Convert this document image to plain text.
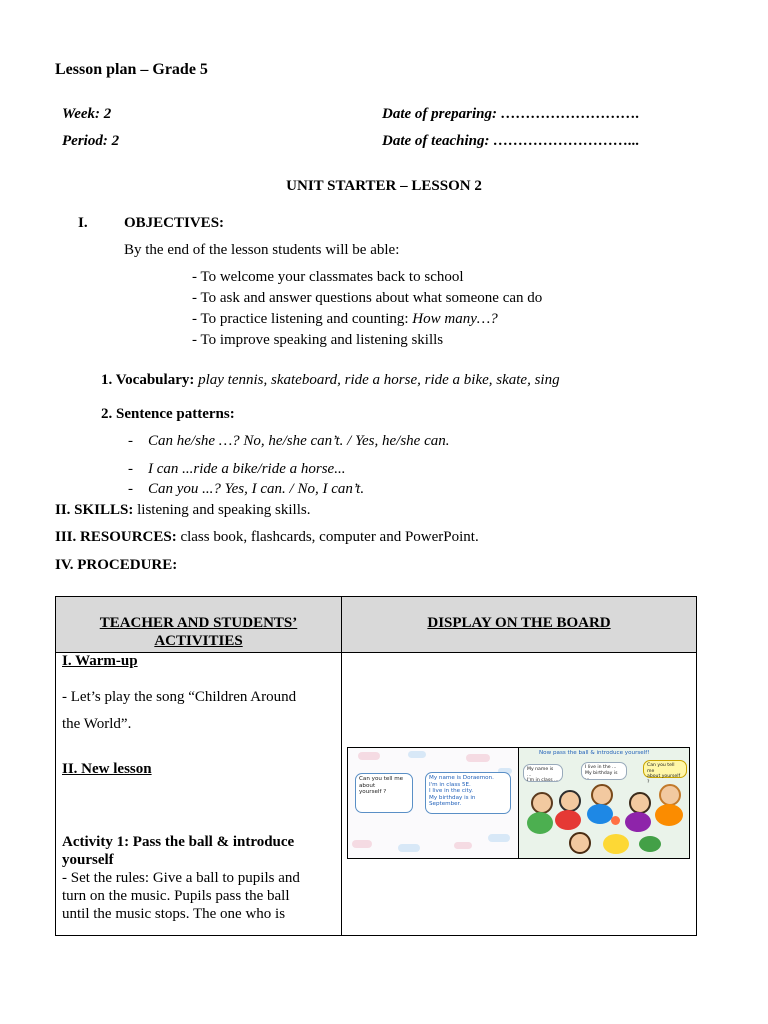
Lesson plan – Grade 5
Week: 2
Period: 2
Date of preparing: ……………………….
Date of teaching: ………………………...
UNIT STARTER – LESSON 2
I. OBJECTIVES:
By the end of the lesson students will be able:
- To welcome your classmates back to school
- To ask and answer questions about what someone can do
- To practice listening and counting: How many…?
- To improve speaking and listening skills
1. Vocabulary: play tennis, skateboard, ride a horse, ride a bike, skate, sing
2. Sentence patterns:
- Can he/she …? No, he/she can’t. / Yes, he/she can.
- I can ...ride a bike/ride a horse...
- Can you ...? Yes, I can. / No, I can’t.
II. SKILLS: listening and speaking skills.
III. RESOURCES: class book, flashcards, computer and PowerPoint.
IV. PROCEDURE:
TEACHER AND STUDENTS’
ACTIVITIES
DISPLAY ON THE BOARD
I. Warm-up
- Let’s play the song “Children Around
the World”.
II. New lesson
Activity 1: Pass the ball & introduce
yourself
- Set the rules: Give a ball to pupils and
turn on the music. Pupils pass the ball
until the music stops. The one who is
Can you tell me
about
yourself ?
My name is Doraemon.
I'm in class 5E.
I live in the city.
My birthday is in
September.
Now pass the ball & introduce yourself!
My name is ...
I'm in class ...
I live in the ...
My birthday is ...
Can you tell me
about yourself ?
